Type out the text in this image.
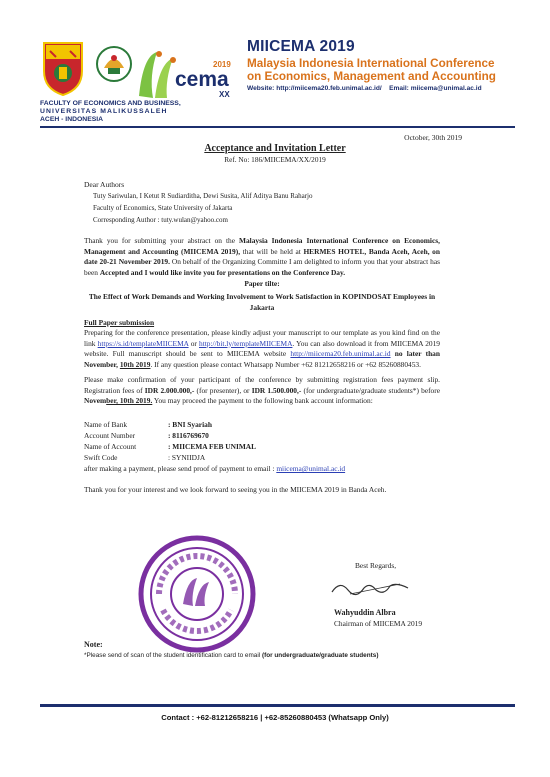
2019
cema
XX
MIICEMA 2019
Malaysia Indonesia International Conference
on Economics, Management and Accounting
Website: http://miicema20.feb.unimal.ac.id/ Email: miicema@unimal.ac.id
FACULTY OF ECONOMICS AND BUSINESS,
UNIVERSITAS MALIKUSSALEH
ACEH - INDONESIA
October, 30th 2019
Acceptance and Invitation Letter
Ref. No: 186/MIICEMA/XX/2019
Dear Authors
Tuty Sariwulan, I Ketut R Sudiarditha, Dewi Susita, Alif Aditya Banu Raharjo
Faculty of Economics, State University of Jakarta
Corresponding Author : tuty.wulan@yahoo.com
Thank you for submitting your abstract on the Malaysia Indonesia International Conference on Economics, Management and Accounting (MIICEMA 2019), that will be held at HERMES HOTEL, Banda Aceh, Aceh, on date 20-21 November 2019. On behalf of the Organizing Committe I am delighted to inform you that your abstract has been Accepted and I would like invite you for presentations on the Conference Day.
Paper tilte:
The Effect of Work Demands and Working Involvement to Work Satisfaction in KOPINDOSAT Employees in Jakarta
Full Paper submission
Preparing for the conference presentation, please kindly adjust your manuscript to our template as you kind find on the link https://s.id/templateMIICEMA or http://bit.ly/templateMIICEMA. You can also download it from MIICEMA 2019 website. Full manuscript should be sent to MIICEMA website http://miicema20.feb.unimal.ac.id no later than November, 10th 2019. If any question please contact Whatsapp Number +62 81212658216 or +62 85260880453.
Please make confirmation of your participant of the conference by submitting registration fees payment slip. Registration fees of IDR 2.000.000,- (for presenter), or IDR 1.500.000,- (for undergraduate/graduate students*) before November, 10th 2019. You may proceed the payment to the following bank account information:
Name of Bank	: BNI Syariah
Account Number	: 8116769670
Name of Account	: MIICEMA FEB UNIMAL
Swift Code	: SYNIIDJA
after making a payment, please send proof of payment to email : miicema@unimal.ac.id
Thank you for your interest and we look forward to seeing you in the MIICEMA 2019 in Banda Aceh.
Best Regards,
Wahyuddin Albra
Chairman of MIICEMA 2019
Note:
*Please send of scan of the student identification card to email (for undergraduate/graduate students)
Contact : +62-81212658216 | +62-85260880453 (Whatsapp Only)
